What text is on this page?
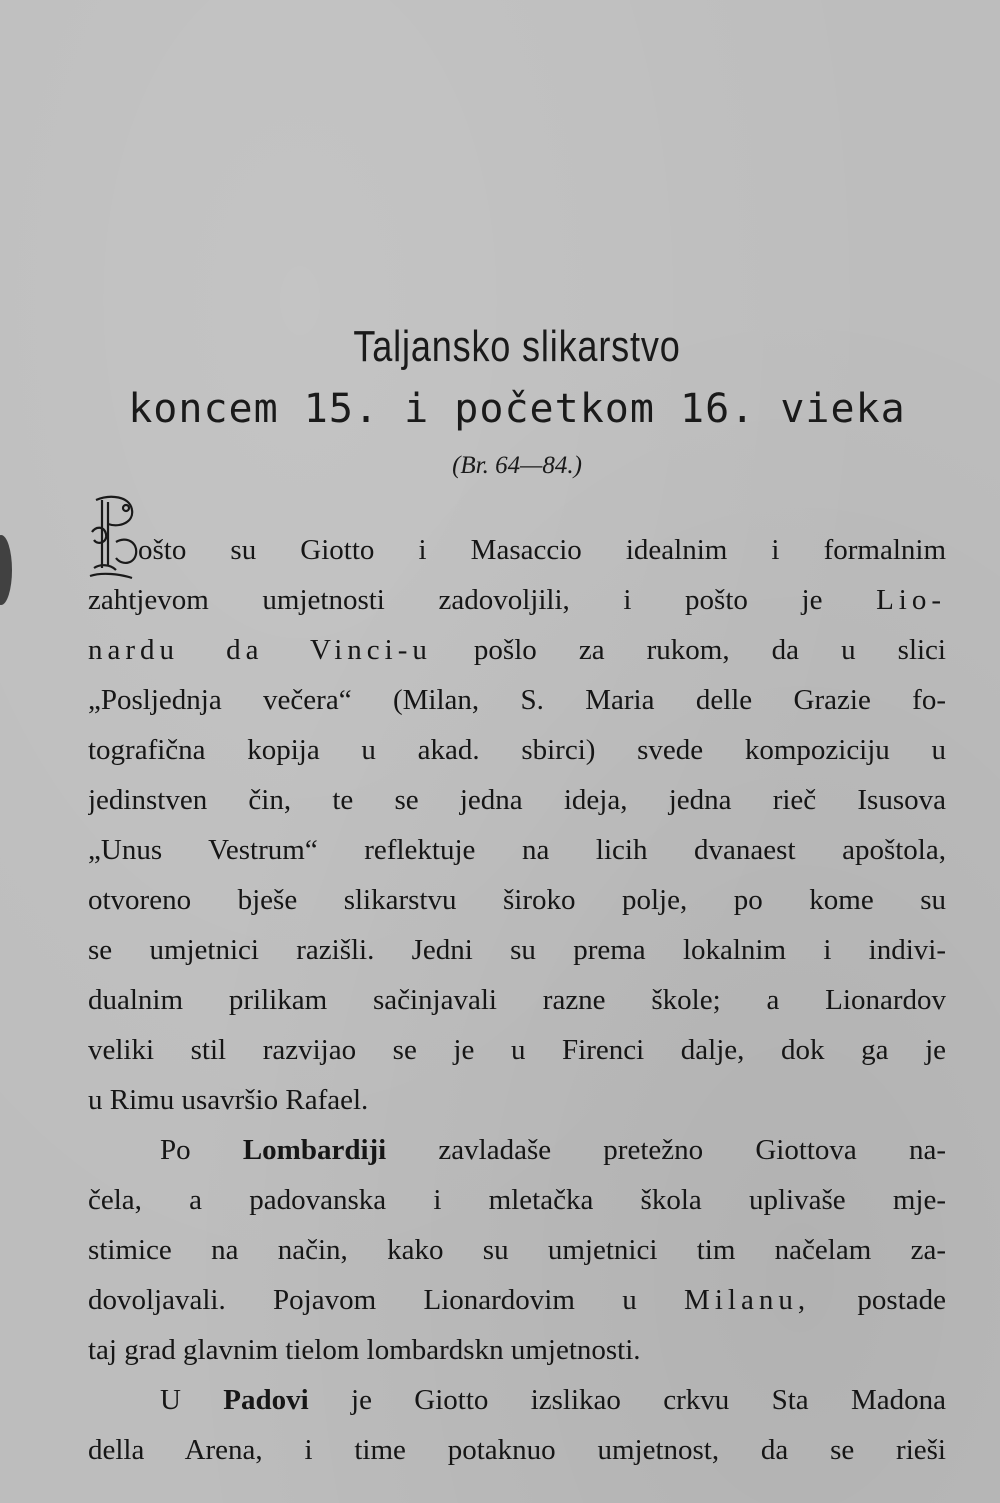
Taljansko slikarstvo
koncem 15. i početkom 16. vieka
(Br. 64—84.)
ošto su Giotto i Masaccio idealnim i formalnim
zahtjevom umjetnosti zadovoljili, i pošto je Lio-
nardu da Vinci-u pošlo za rukom, da u slici
„Posljednja večera“ (Milan, S. Maria delle Grazie fo-
tografična kopija u akad. sbirci) svede kompoziciju u
jedinstven čin, te se jedna ideja, jedna rieč Isusova
„Unus Vestrum“ reflektuje na licih dvanaest apoštola,
otvoreno bješe slikarstvu široko polje, po kome su
se umjetnici razišli. Jedni su prema lokalnim i indivi-
dualnim prilikam sačinjavali razne škole; a Lionardov
veliki stil razvijao se je u Firenci dalje, dok ga je
u Rimu usavršio Rafael.
Po Lombardiji zavladaše pretežno Giottova na-
čela, a padovanska i mletačka škola uplivaše mje-
stimice na način, kako su umjetnici tim načelam za-
dovoljavali. Pojavom Lionardovim u Milanu, postade
taj grad glavnim tielom lombardskn umjetnosti.
U Padovi je Giotto izslikao crkvu Sta Madona
della Arena, i time potaknuo umjetnost, da se rieši
